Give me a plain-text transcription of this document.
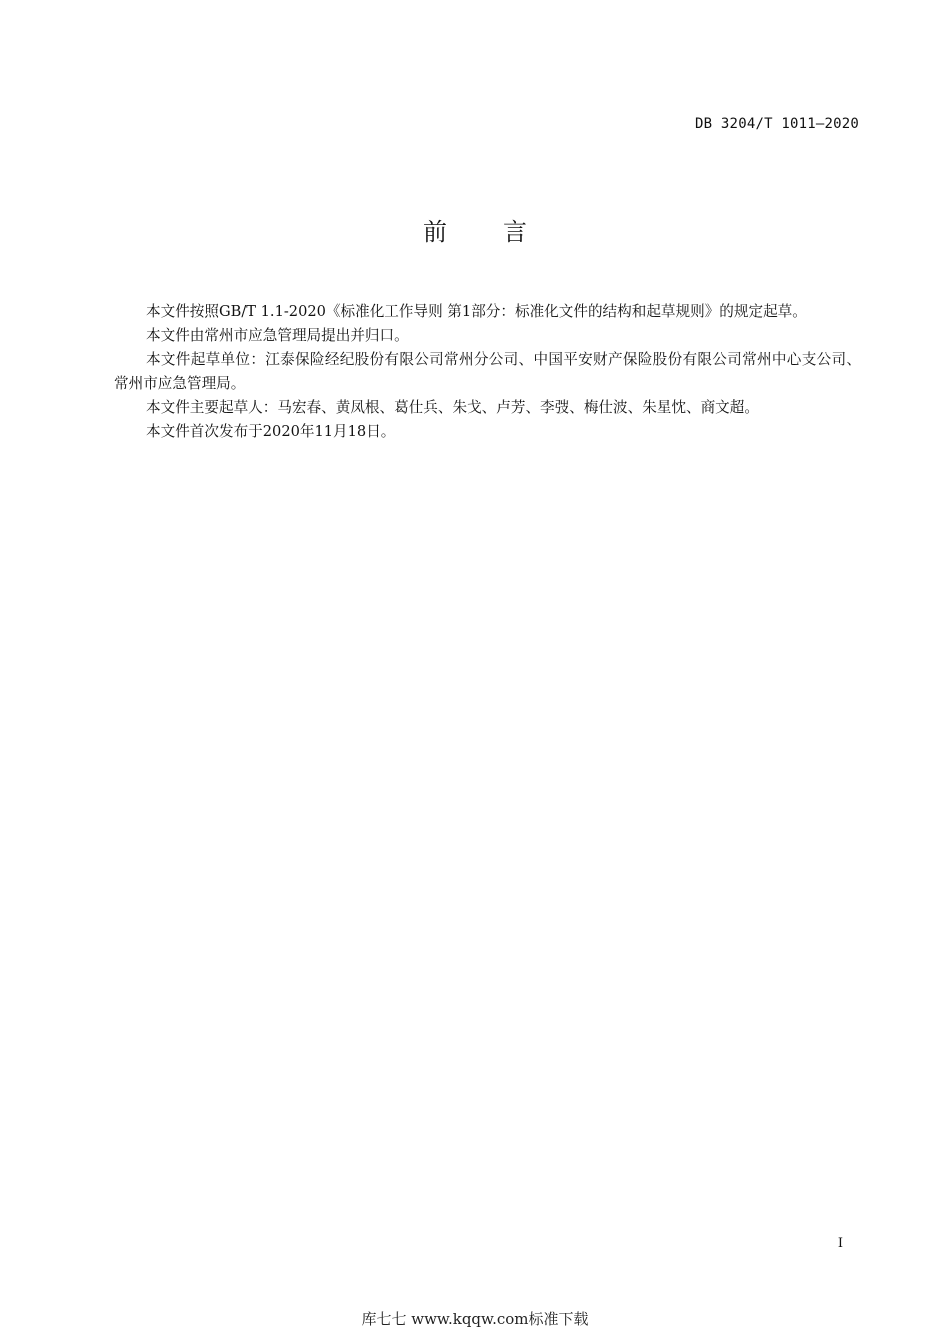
DB 3204/T 1011—2020
前言

本文件按照GB/T 1.1-2020《标准化工作导则 第1部分：标准化文件的结构和起草规则》的规定起草。

本文件由常州市应急管理局提出并归口。

本文件起草单位：江泰保险经纪股份有限公司常州分公司、中国平安财产保险股份有限公司常州中心支公司、常州市应急管理局。

本文件主要起草人：马宏春、黄凤根、葛仕兵、朱戈、卢芳、李弢、梅仕波、朱星忱、商文超。

本文件首次发布于2020年11月18日。

I
库七七 www.kqqw.com标准下载
